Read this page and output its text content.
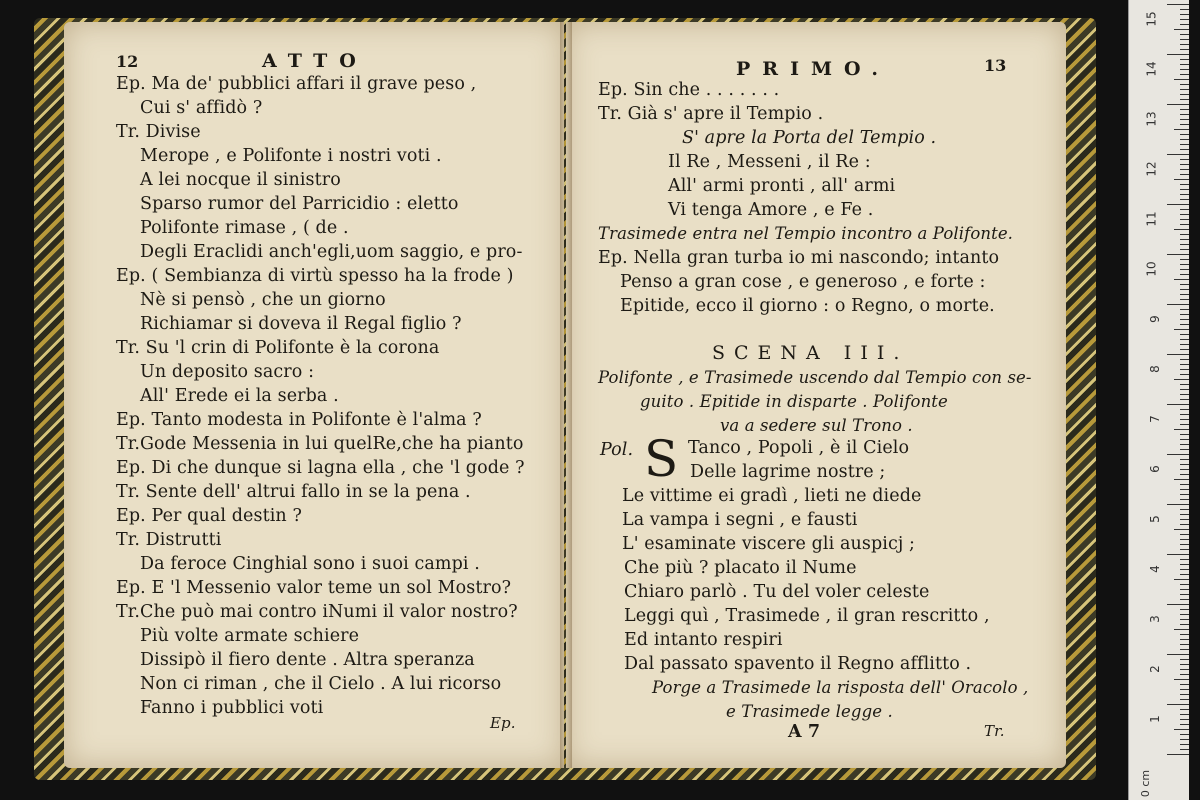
12	ATTO
Ep. Ma de' pubblici affari il grave peso ,
Cui s' affidò ?
Tr. Divise
Merope , e Polifonte i nostri voti .
A lei nocque il sinistro
Sparso rumor del Parricidio : eletto
Polifonte rimase , ( de .
Degli Eraclidi anch'egli,uom saggio, e pro-
Ep. ( Sembianza di virtù spesso ha la frode )
Nè si pensò , che un giorno
Richiamar si doveva il Regal figlio ?
Tr. Su 'l crin di Polifonte è la corona
Un deposito sacro :
All' Erede ei la serba .
Ep. Tanto modesta in Polifonte è l'alma ?
Tr.Gode Messenia in lui quelRe,che ha pianto
Ep. Di che dunque si lagna ella , che 'l gode ?
Tr. Sente dell' altrui fallo in se la pena .
Ep. Per qual destin ?
Tr. Distrutti
Da feroce Cinghial sono i suoi campi .
Ep. E 'l Messenio valor teme un sol Mostro?
Tr.Che può mai contro iNumi il valor nostro?
Più volte armate schiere
Dissipò il fiero dente . Altra speranza
Non ci riman , che il Cielo . A lui ricorso
Fanno i pubblici voti
Ep.
PRIMO.	13
Ep. Sin che . . . . . . .
Tr. Già s' apre il Tempio .
S' apre la Porta del Tempio .
Il Re , Messeni , il Re :
All' armi pronti , all' armi
Vi tenga Amore , e Fe .
Trasimede entra nel Tempio incontro a Polifonte.
Ep. Nella gran turba io mi nascondo; intanto
Penso a gran cose , e generoso , e forte :
Epitide, ecco il giorno : o Regno, o morte.
SCENA III.
Polifonte , e Trasimede uscendo dal Tempio con se-
guito . Epitide in disparte . Polifonte
va a sedere sul Trono .
Pol. S Tanco , Popoli , è il Cielo
Delle lagrime nostre ;
Le vittime ei gradì , lieti ne diede
La vampa i segni , e fausti
L' esaminate viscere gli auspicj ;
Che più ? placato il Nume
Chiaro parlò . Tu del voler celeste
Leggi quì , Trasimede , il gran rescritto ,
Ed intanto respiri
Dal passato spavento il Regno afflitto .
Porge a Trasimede la risposta dell' Oracolo ,
e Trasimede legge .
A 7	Tr.
15
14
13
12
11
10
9
8
7
6
5
4
3
2
1
0 cm
